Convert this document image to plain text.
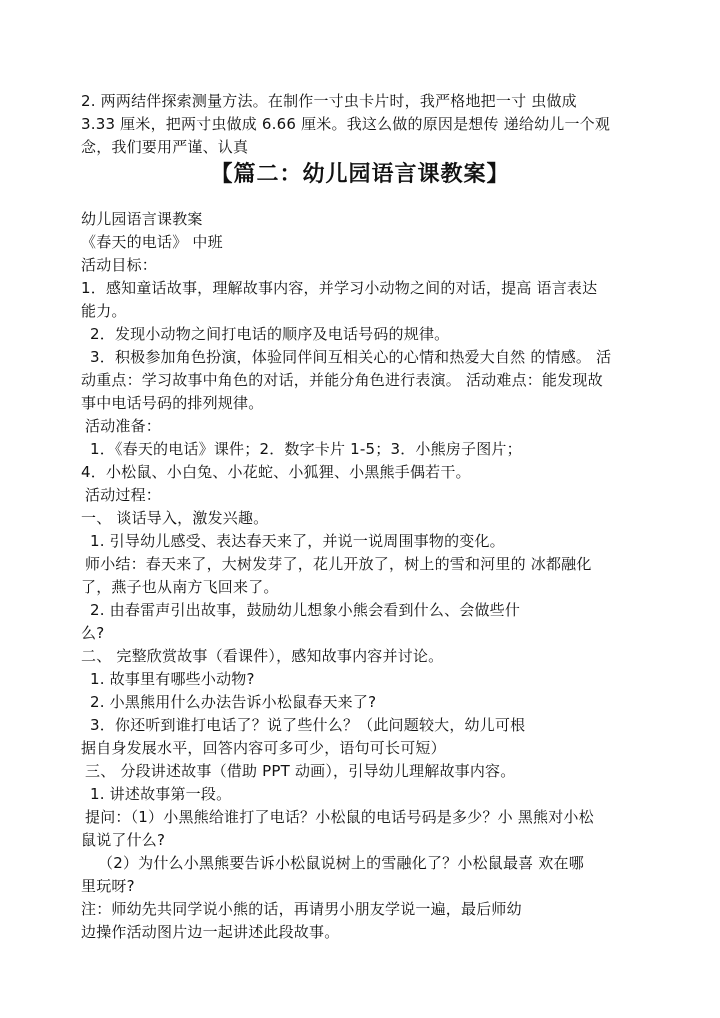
2. 两两结伴探索测量方法。在制作一寸虫卡片时，我严格地把一寸 虫做成
3.33 厘米，把两寸虫做成 6.66 厘米。我这么做的原因是想传 递给幼儿一个观
念，我们要用严谨、认真
【篇二：幼儿园语言课教案】
幼儿园语言课教案
《春天的电话》 中班
活动目标：
1．感知童话故事，理解故事内容，并学习小动物之间的对话，提高 语言表达
能力。
2．发现小动物之间打电话的顺序及电话号码的规律。
3．积极参加角色扮演，体验同伴间互相关心的心情和热爱大自然 的情感。 活
动重点：学习故事中角色的对话，并能分角色进行表演。 活动难点：能发现故
事中电话号码的排列规律。
活动准备：
1．《春天的电话》课件；2．数字卡片 1-5；3．小熊房子图片；
4．小松鼠、小白兔、小花蛇、小狐狸、小黑熊手偶若干。
活动过程：
一、 谈话导入，激发兴趣。
1. 引导幼儿感受、表达春天来了，并说一说周围事物的变化。
师小结：春天来了，大树发芽了，花儿开放了，树上的雪和河里的 冰都融化
了，燕子也从南方飞回来了。
2. 由春雷声引出故事，鼓励幼儿想象小熊会看到什么、会做些什
么?
二、 完整欣赏故事（看课件），感知故事内容并讨论。
1. 故事里有哪些小动物?
2. 小黑熊用什么办法告诉小松鼠春天来了?
3．你还听到谁打电话了？说了些什么？（此问题较大，幼儿可根
据自身发展水平，回答内容可多可少，语句可长可短）
三、 分段讲述故事（借助 PPT 动画），引导幼儿理解故事内容。
1. 讲述故事第一段。
提问：（1）小黑熊给谁打了电话？小松鼠的电话号码是多少？小 黑熊对小松
鼠说了什么?
（2）为什么小黑熊要告诉小松鼠说树上的雪融化了？小松鼠最喜 欢在哪
里玩呀?
注：师幼先共同学说小熊的话，再请男小朋友学说一遍，最后师幼
边操作活动图片边一起讲述此段故事。
